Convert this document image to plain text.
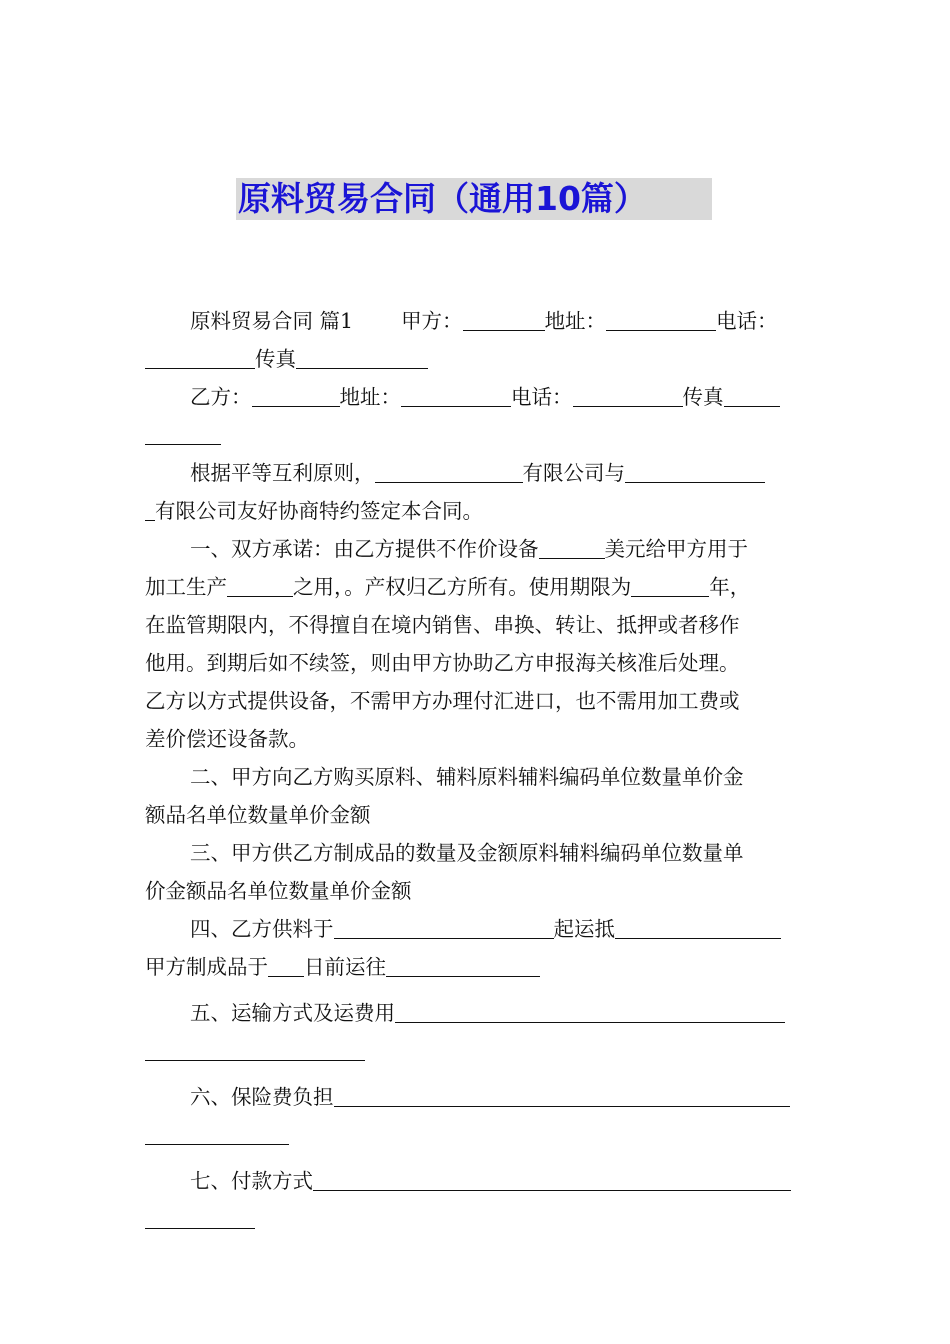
原料贸易合同（通用10篇）
原料贸易合同 篇1 甲方：	地址：	电话：
传真
乙方：	地址：	电话：	传真
根据平等互利原则，	有限公司与
有限公司友好协商特约签定本合同。
一、双方承诺：由乙方提供不作价设备	美元给甲方用于
加工生产	之用，。产权归乙方所有。使用期限为	年，
在监管期限内，不得擅自在境内销售、串换、转让、抵押或者移作
他用。到期后如不续签，则由甲方协助乙方申报海关核准后处理。
乙方以方式提供设备，不需甲方办理付汇进口，也不需用加工费或
差价偿还设备款。
二、甲方向乙方购买原料、辅料原料辅料编码单位数量单价金
额品名单位数量单价金额
三、甲方供乙方制成品的数量及金额原料辅料编码单位数量单
价金额品名单位数量单价金额
四、乙方供料于	起运抵
甲方制成品于 日前运往
五、运输方式及运费用
六、保险费负担
七、付款方式
